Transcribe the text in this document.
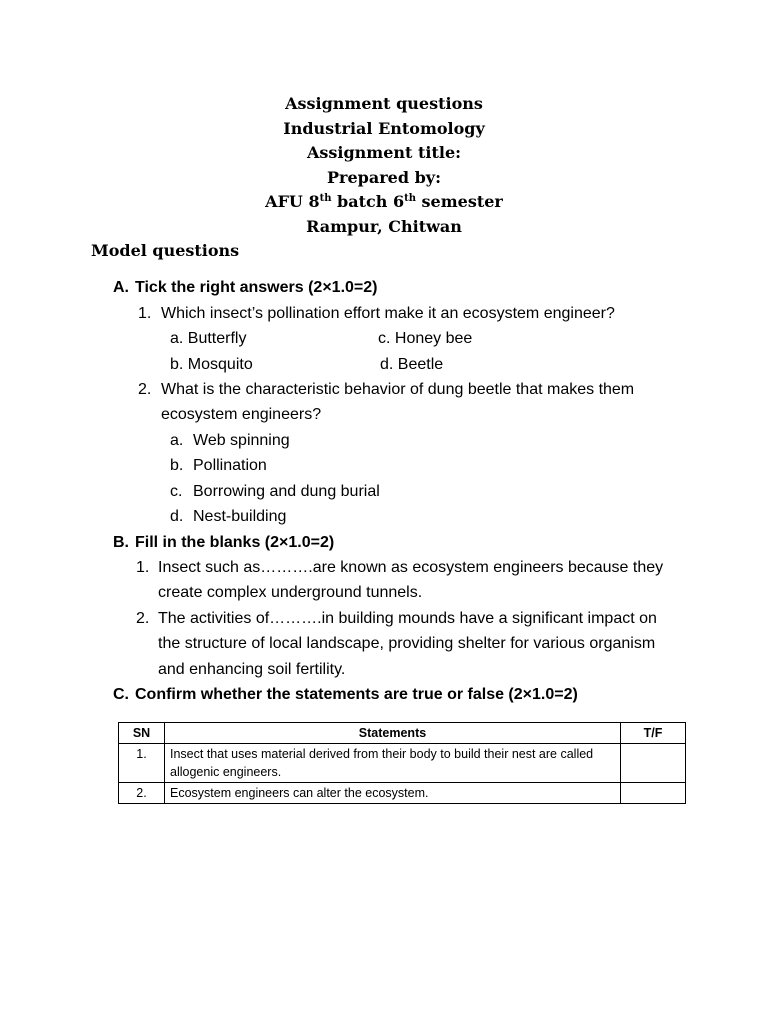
Assignment questions
Industrial Entomology
Assignment title:
Prepared by:
AFU 8th batch 6th semester
Rampur, Chitwan
Model questions
A. Tick the right answers (2×1.0=2)
1. Which insect’s pollination effort make it an ecosystem engineer?
a. Butterfly	c. Honey bee
b. Mosquito	d. Beetle
2. What is the characteristic behavior of dung beetle that makes them
ecosystem engineers?
a. Web spinning
b. Pollination
c. Borrowing and dung burial
d. Nest-building
B. Fill in the blanks (2×1.0=2)
1. Insect such as……….are known as ecosystem engineers because they
create complex underground tunnels.
2. The activities of……….in building mounds have a significant impact on
the structure of local landscape, providing shelter for various organism
and enhancing soil fertility.
C. Confirm whether the statements are true or false (2×1.0=2)
SN	Statements	T/F
1.	Insect that uses material derived from their body to build their nest are called allogenic engineers.	
2.	Ecosystem engineers can alter the ecosystem.	
